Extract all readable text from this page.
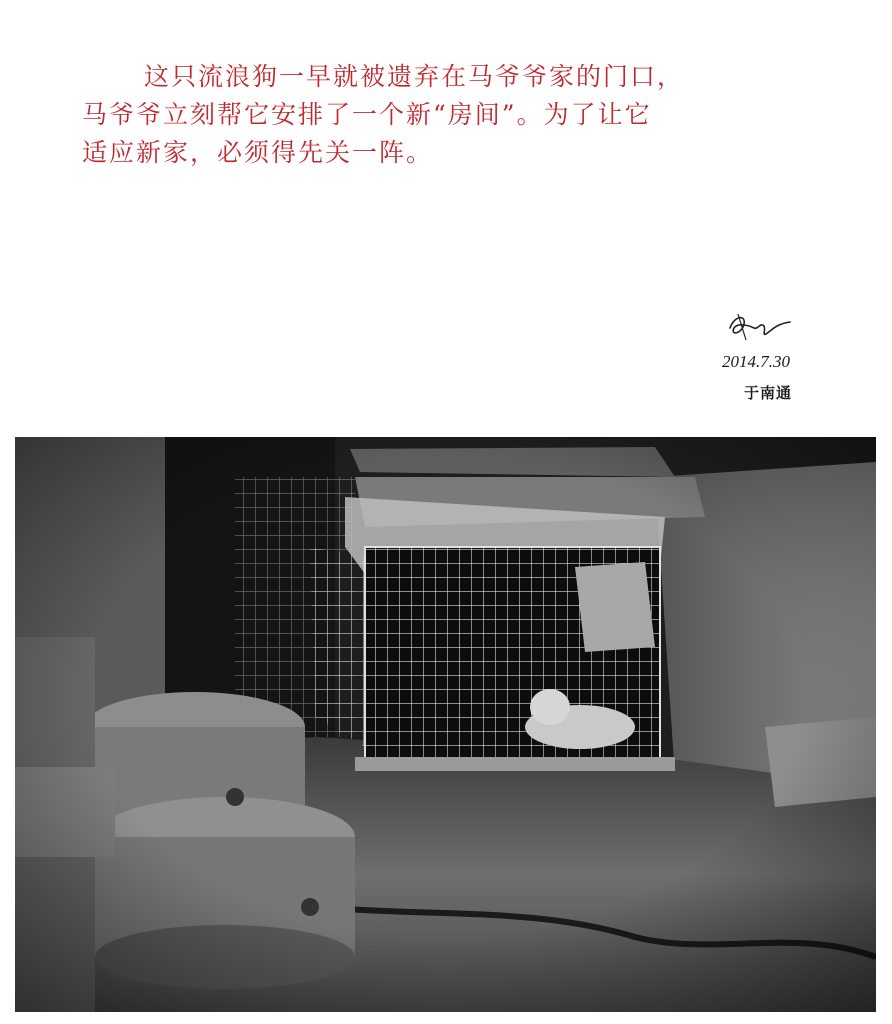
这只流浪狗一早就被遗弃在马爷爷家的门口，
马爷爷立刻帮它安排了一个新“房间”。为了让它
适应新家，必须得先关一阵。
2014.7.30
于南通
